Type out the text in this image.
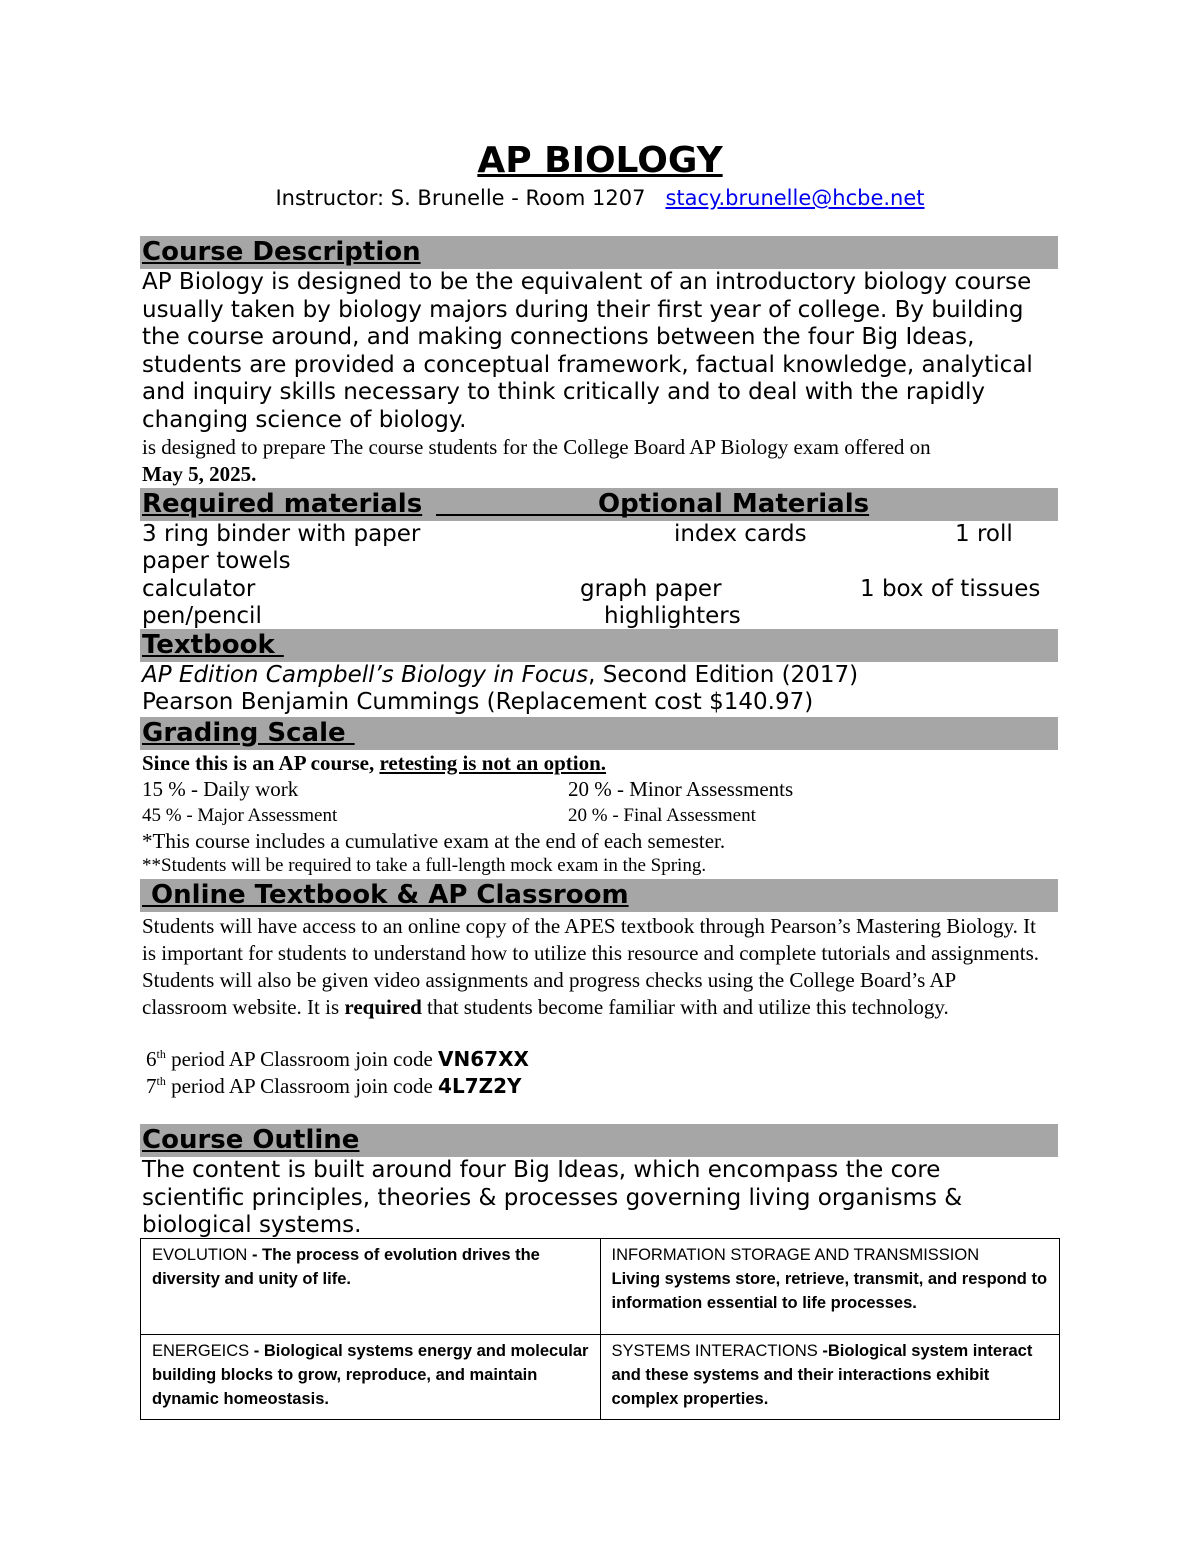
AP BIOLOGY
Instructor: S. Brunelle - Room 1207 stacy.brunelle@hcbe.net
Course Description
AP Biology is designed to be the equivalent of an introductory biology course usually taken by biology majors during their first year of college. By building the course around, and making connections between the four Big Ideas, students are provided a conceptual framework, factual knowledge, analytical and inquiry skills necessary to think critically and to deal with the rapidly changing science of biology.
is designed to prepare The course students for the College Board AP Biology exam offered on
May 5, 2025.
Required materials
	Optional Materials
3 ring binder with paper	index cards	1 roll
paper towels
calculator	graph paper	1 box of tissues
pen/pencil	highlighters
Textbook
AP Edition Campbell’s Biology in Focus, Second Edition (2017)
Pearson Benjamin Cummings (Replacement cost $140.97)
Grading Scale
Since this is an AP course, retesting is not an option.
15 % - Daily work	20 % - Minor Assessments
45 % - Major Assessment	20 % - Final Assessment
*This course includes a cumulative exam at the end of each semester.
**Students will be required to take a full-length mock exam in the Spring.
Online Textbook & AP Classroom
Students will have access to an online copy of the APES textbook through Pearson’s Mastering Biology. It is important for students to understand how to utilize this resource and complete tutorials and assignments. Students will also be given video assignments and progress checks using the College Board’s AP classroom website. It is required that students become familiar with and utilize this technology.
6th period AP Classroom join code VN67XX
7th period AP Classroom join code 4L7Z2Y
Course Outline
The content is built around four Big Ideas, which encompass the core scientific principles, theories & processes governing living organisms & biological systems.
EVOLUTION - The process of evolution drives the diversity and unity of life.	INFORMATION STORAGE AND TRANSMISSION
Living systems store, retrieve, transmit, and respond to information essential to life processes.

ENERGEICS - Biological systems energy and molecular building blocks to grow, reproduce, and maintain dynamic homeostasis.	SYSTEMS INTERACTIONS -Biological system interact and these systems and their interactions exhibit complex properties.
